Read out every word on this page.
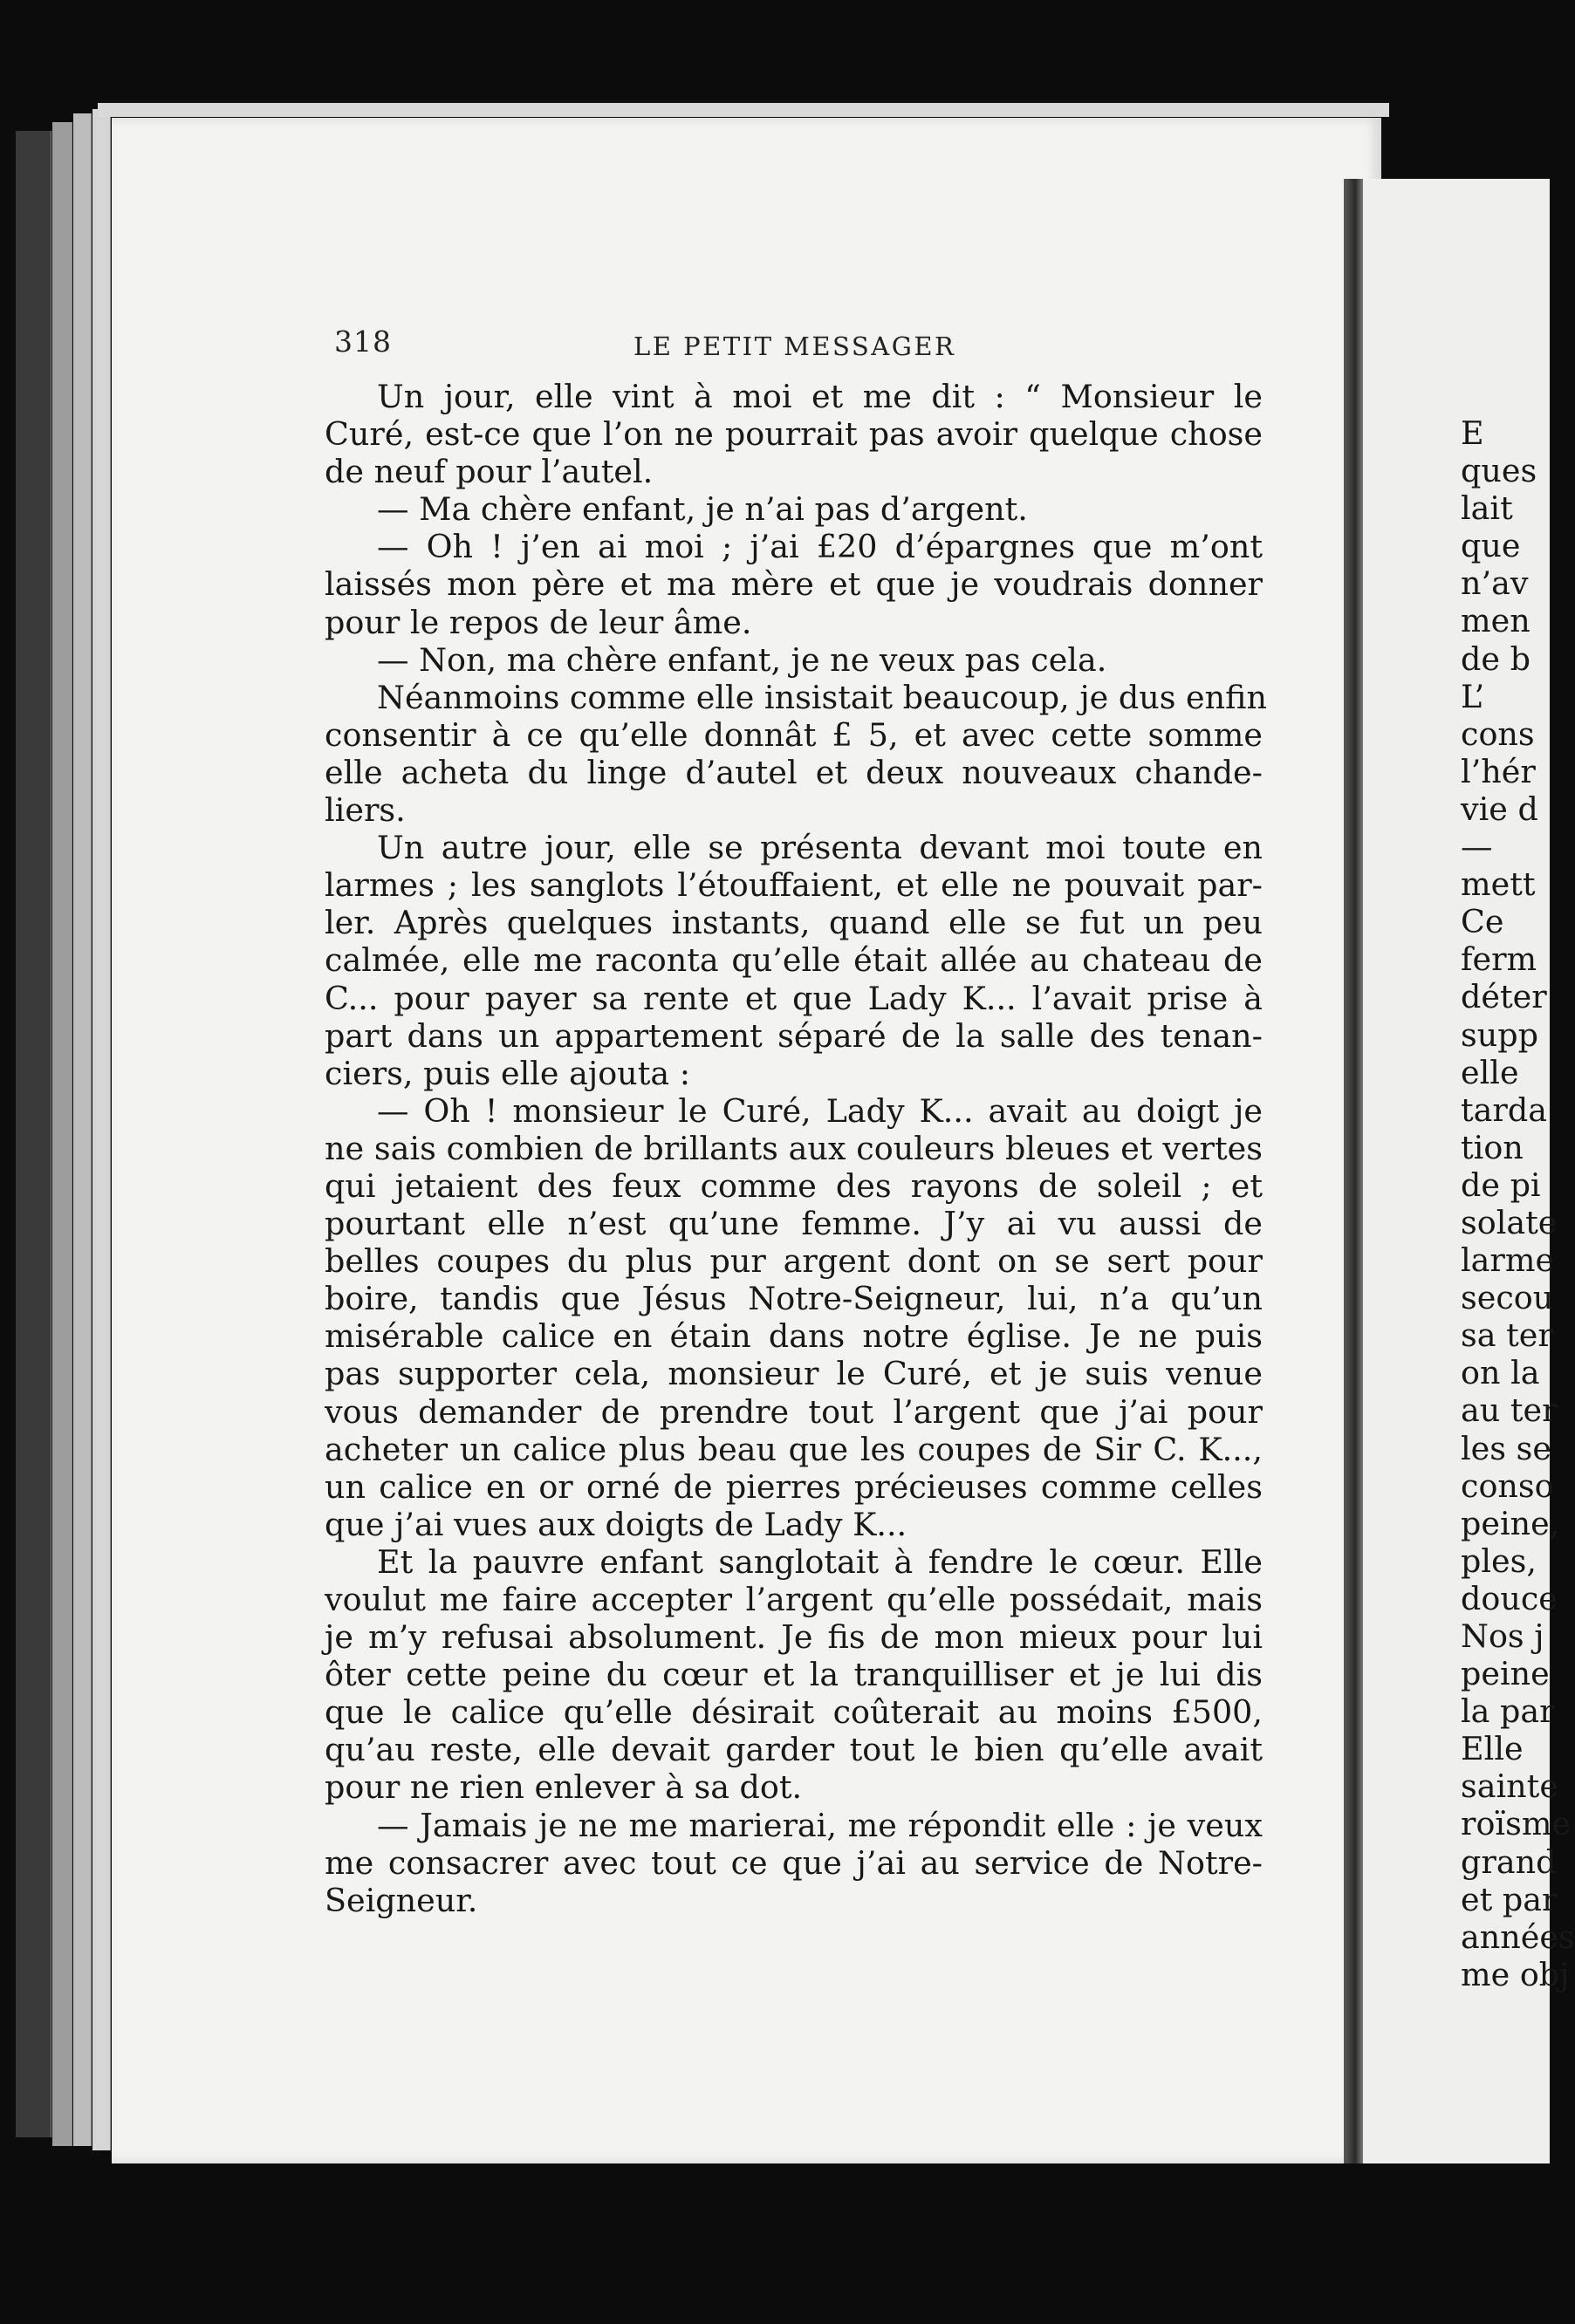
E
ques
lait
que
n’av
men
de b
L’
cons
l’hér
vie d
—
mett
Ce
ferm
déter
supp
elle
tarda
tion
de pi
solate
larme
secou
sa ter
on la
au ter
les se
conso
peine,
ples,
douce
Nos j
peine
la par
Elle
sainte
roïsme
grand
et par
années
me obj
318	LE PETIT MESSAGER
Un jour, elle vint à moi et me dit : “ Monsieur le
Curé, est-ce que l’on ne pourrait pas avoir quelque chose
de neuf pour l’autel.
— Ma chère enfant, je n’ai pas d’argent.
— Oh ! j’en ai moi ; j’ai £20 d’épargnes que m’ont
laissés mon père et ma mère et que je voudrais donner
pour le repos de leur âme.
— Non, ma chère enfant, je ne veux pas cela.
Néanmoins comme elle insistait beaucoup, je dus enfin
consentir à ce qu’elle donnât £ 5, et avec cette somme
elle acheta du linge d’autel et deux nouveaux chande-
liers.
Un autre jour, elle se présenta devant moi toute en
larmes ; les sanglots l’étouffaient, et elle ne pouvait par-
ler. Après quelques instants, quand elle se fut un peu
calmée, elle me raconta qu’elle était allée au chateau de
C... pour payer sa rente et que Lady K... l’avait prise à
part dans un appartement séparé de la salle des tenan-
ciers, puis elle ajouta :
— Oh ! monsieur le Curé, Lady K... avait au doigt je
ne sais combien de brillants aux couleurs bleues et vertes
qui jetaient des feux comme des rayons de soleil ; et
pourtant elle n’est qu’une femme. J’y ai vu aussi de
belles coupes du plus pur argent dont on se sert pour
boire, tandis que Jésus Notre-Seigneur, lui, n’a qu’un
misérable calice en étain dans notre église. Je ne puis
pas supporter cela, monsieur le Curé, et je suis venue
vous demander de prendre tout l’argent que j’ai pour
acheter un calice plus beau que les coupes de Sir C. K...,
un calice en or orné de pierres précieuses comme celles
que j’ai vues aux doigts de Lady K...
Et la pauvre enfant sanglotait à fendre le cœur. Elle
voulut me faire accepter l’argent qu’elle possédait, mais
je m’y refusai absolument. Je fis de mon mieux pour lui
ôter cette peine du cœur et la tranquilliser et je lui dis
que le calice qu’elle désirait coûterait au moins £500,
qu’au reste, elle devait garder tout le bien qu’elle avait
pour ne rien enlever à sa dot.
— Jamais je ne me marierai, me répondit elle : je veux
me consacrer avec tout ce que j’ai au service de Notre-
Seigneur.
